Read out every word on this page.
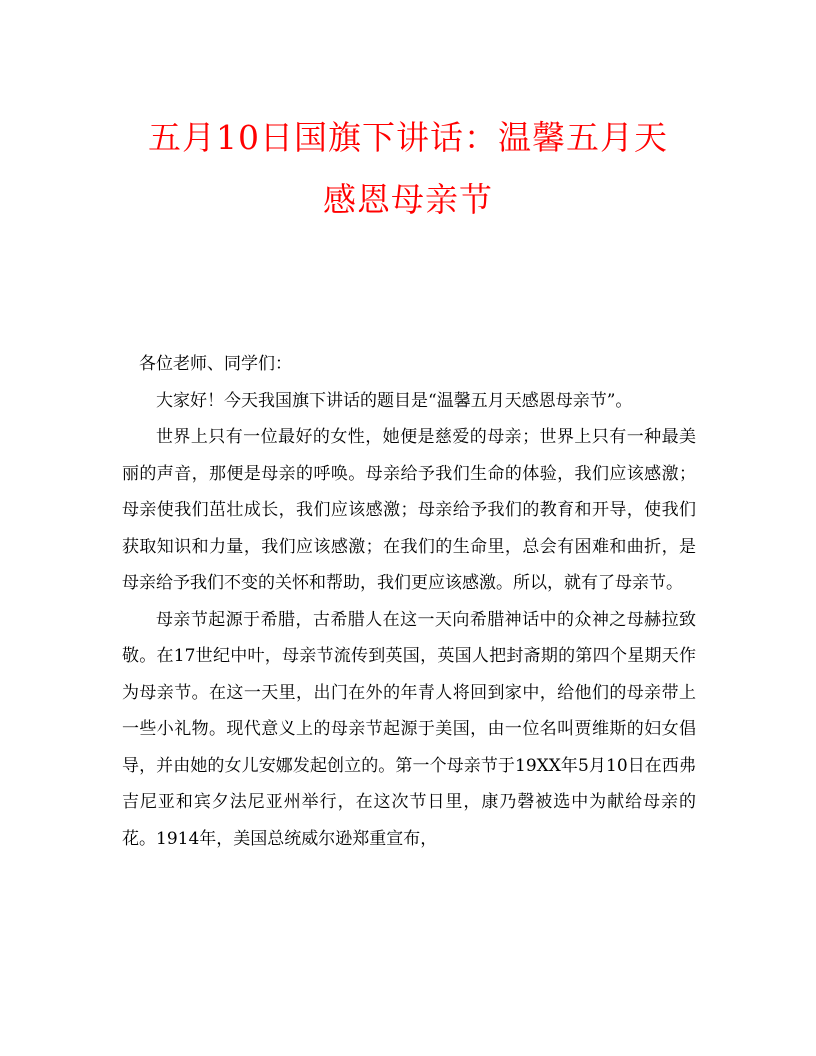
五月10日国旗下讲话：温馨五月天
感恩母亲节

各位老师、同学们：

大家好！今天我国旗下讲话的题目是“温馨五月天感恩母亲节”。

世界上只有一位最好的女性，她便是慈爱的母亲；世界上只有一种最美丽的声音，那便是母亲的呼唤。母亲给予我们生命的体验，我们应该感激；母亲使我们茁壮成长，我们应该感激；母亲给予我们的教育和开导，使我们获取知识和力量，我们应该感激；在我们的生命里，总会有困难和曲折，是母亲给予我们不变的关怀和帮助，我们更应该感激。所以，就有了母亲节。

母亲节起源于希腊，古希腊人在这一天向希腊神话中的众神之母赫拉致敬。在17世纪中叶，母亲节流传到英国，英国人把封斋期的第四个星期天作为母亲节。在这一天里，出门在外的年青人将回到家中，给他们的母亲带上一些小礼物。现代意义上的母亲节起源于美国，由一位名叫贾维斯的妇女倡导，并由她的女儿安娜发起创立的。第一个母亲节于19XX年5月10日在西弗吉尼亚和宾夕法尼亚州举行，在这次节日里，康乃磬被选中为献给母亲的花。1914年，美国总统威尔逊郑重宣布，
